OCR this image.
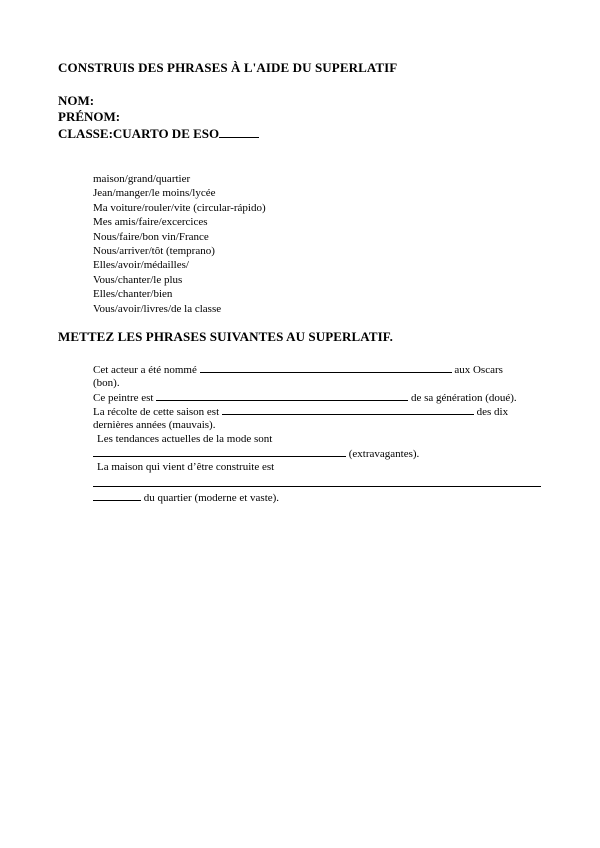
CONSTRUIS DES PHRASES À L'AIDE DU SUPERLATIF
NOM:
PRÉNOM:
CLASSE:CUARTO DE ESO
maison/grand/quartier
Jean/manger/le moins/lycée
Ma voiture/rouler/vite (circular-rápido)
Mes amis/faire/excercices
Nous/faire/bon vin/France
Nous/arriver/tôt (temprano)
Elles/avoir/médailles/
Vous/chanter/le plus
Elles/chanter/bien
Vous/avoir/livres/de la classe
METTEZ LES PHRASES SUIVANTES AU SUPERLATIF.
Cet acteur a été nommé	aux Oscars
(bon).
Ce peintre est	de sa génération (doué).
La récolte de cette saison est	des dix
dernières années (mauvais).
Les tendances actuelles de la mode sont
(extravagantes).
La maison qui vient d’être construite est
du quartier (moderne et vaste).
